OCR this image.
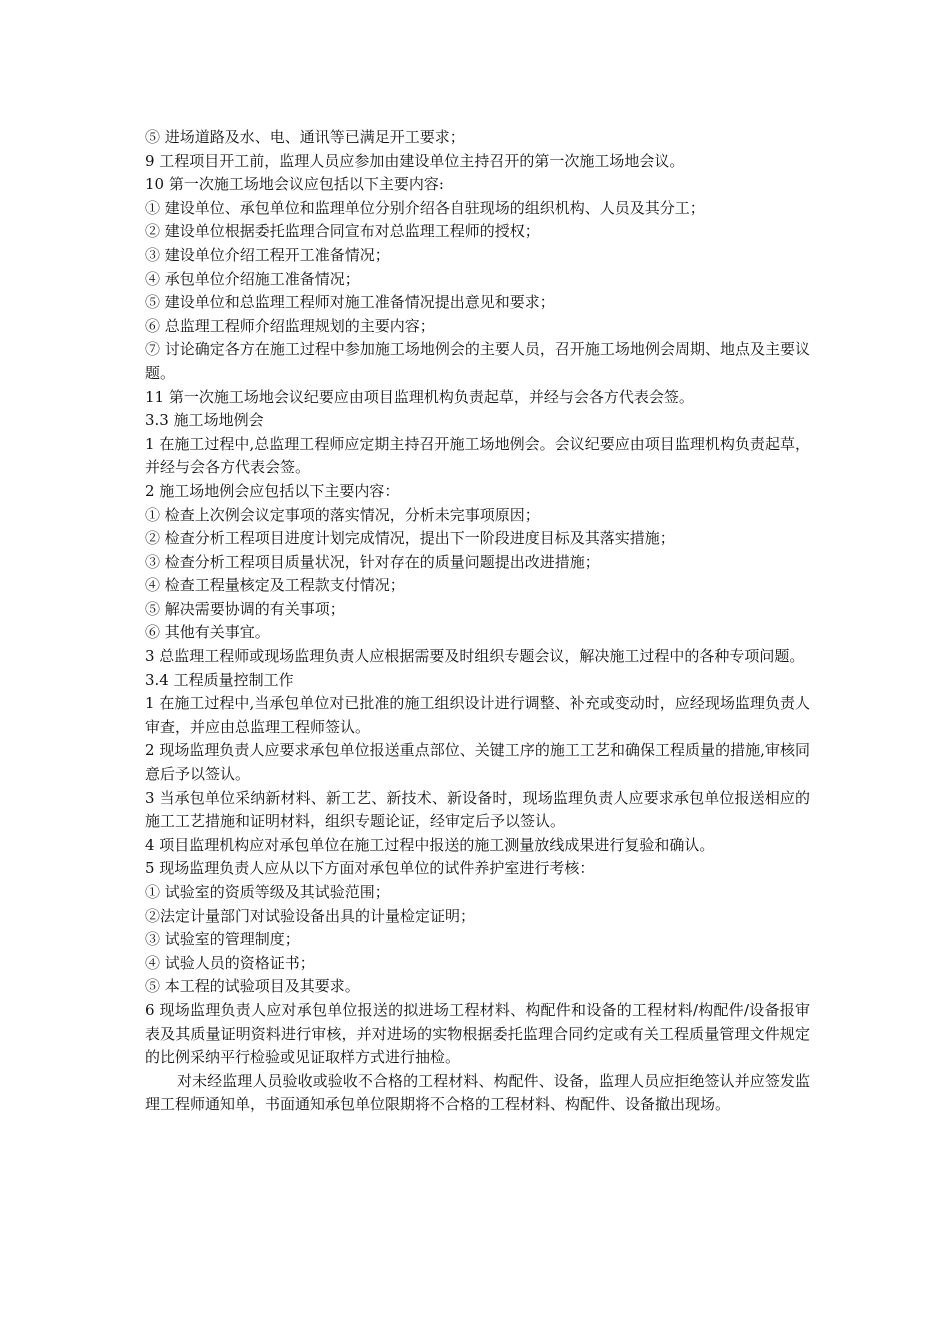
⑤ 进场道路及水、电、通讯等已满足开工要求；

9 工程项目开工前，监理人员应参加由建设单位主持召开的第一次施工场地会议。

10 第一次施工场地会议应包括以下主要内容:

① 建设单位、承包单位和监理单位分别介绍各自驻现场的组织机构、人员及其分工；

② 建设单位根据委托监理合同宣布对总监理工程师的授权；

③ 建设单位介绍工程开工准备情况；

④ 承包单位介绍施工准备情况；

⑤ 建设单位和总监理工程师对施工准备情况提出意见和要求；

⑥ 总监理工程师介绍监理规划的主要内容；

⑦ 讨论确定各方在施工过程中参加施工场地例会的主要人员，召开施工场地例会周期、地点及主要议题。

11 第一次施工场地会议纪要应由项目监理机构负责起草，并经与会各方代表会签。

3.3 施工场地例会

1 在施工过程中,总监理工程师应定期主持召开施工场地例会。会议纪要应由项目监理机构负责起草，并经与会各方代表会签。

2 施工场地例会应包括以下主要内容：

① 检查上次例会议定事项的落实情况，分析未完事项原因；

② 检查分析工程项目进度计划完成情况，提出下一阶段进度目标及其落实措施；

③ 检查分析工程项目质量状况，针对存在的质量问题提出改进措施；

④ 检查工程量核定及工程款支付情况；

⑤ 解决需要协调的有关事项；

⑥ 其他有关事宜。

3 总监理工程师或现场监理负责人应根据需要及时组织专题会议，解决施工过程中的各种专项问题。

3.4 工程质量控制工作

1 在施工过程中,当承包单位对已批准的施工组织设计进行调整、补充或变动时，应经现场监理负责人审查，并应由总监理工程师签认。

2 现场监理负责人应要求承包单位报送重点部位、关键工序的施工工艺和确保工程质量的措施,审核同意后予以签认。

3 当承包单位采纳新材料、新工艺、新技术、新设备时，现场监理负责人应要求承包单位报送相应的施工工艺措施和证明材料，组织专题论证，经审定后予以签认。

4 项目监理机构应对承包单位在施工过程中报送的施工测量放线成果进行复验和确认。

5 现场监理负责人应从以下方面对承包单位的试件养护室进行考核：

① 试验室的资质等级及其试验范围；

②法定计量部门对试验设备出具的计量检定证明；

③ 试验室的管理制度；

④ 试验人员的资格证书；

⑤ 本工程的试验项目及其要求。

6 现场监理负责人应对承包单位报送的拟进场工程材料、构配件和设备的工程材料/构配件/设备报审表及其质量证明资料进行审核，并对进场的实物根据委托监理合同约定或有关工程质量管理文件规定的比例采纳平行检验或见证取样方式进行抽检。

对未经监理人员验收或验收不合格的工程材料、构配件、设备，监理人员应拒绝签认并应签发监理工程师通知单，书面通知承包单位限期将不合格的工程材料、构配件、设备撤出现场。
